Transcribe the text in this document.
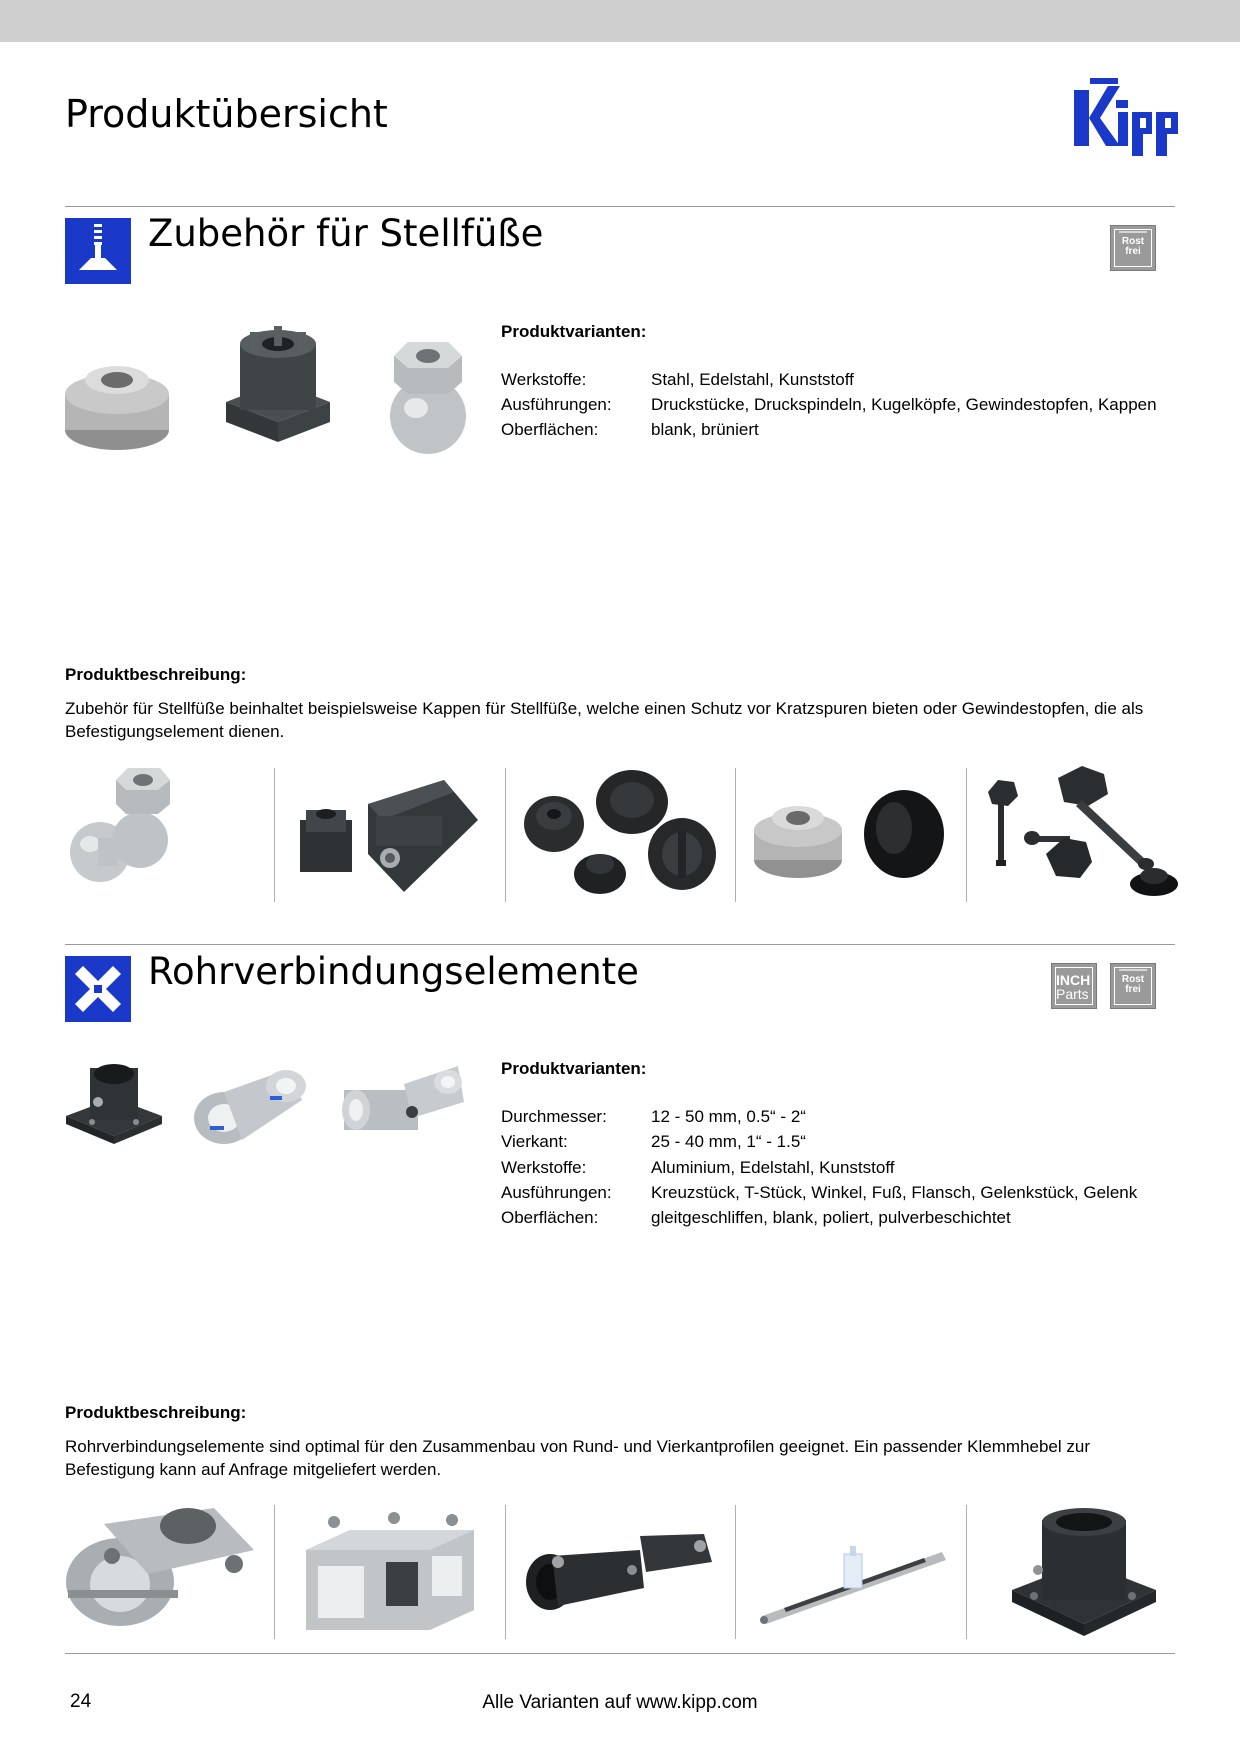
Produktübersicht
Zubehör für Stellfüße	Rost
frei
Produktvarianten:
Werkstoffe:	Stahl, Edelstahl, Kunststoff
Ausführungen: Druckstücke, Druckspindeln, Kugelköpfe, Gewindestopfen, Kappen
Oberflächen:	blank, brüniert
Produktbeschreibung:
Zubehör für Stellfüße beinhaltet beispielsweise Kappen für Stellfüße, welche einen Schutz vor Kratzspuren bieten oder Gewindestopfen, die als Befestigungselement dienen.
Rohrverbindungselemente	INCH
Parts
Rost
frei
Produktvarianten:
Durchmesser:	12 - 50 mm, 0.5“ - 2“
Vierkant:	25 - 40 mm, 1“ - 1.5“
Werkstoffe:	Aluminium, Edelstahl, Kunststoff
Ausführungen: Kreuzstück, T-Stück, Winkel, Fuß, Flansch, Gelenkstück, Gelenk
Oberflächen:	gleitgeschliffen, blank, poliert, pulverbeschichtet
Produktbeschreibung:
Rohrverbindungselemente sind optimal für den Zusammenbau von Rund- und Vierkantprofilen geeignet. Ein passender Klemmhebel zur Befestigung kann auf Anfrage mitgeliefert werden.
24	Alle Varianten auf www.kipp.com
